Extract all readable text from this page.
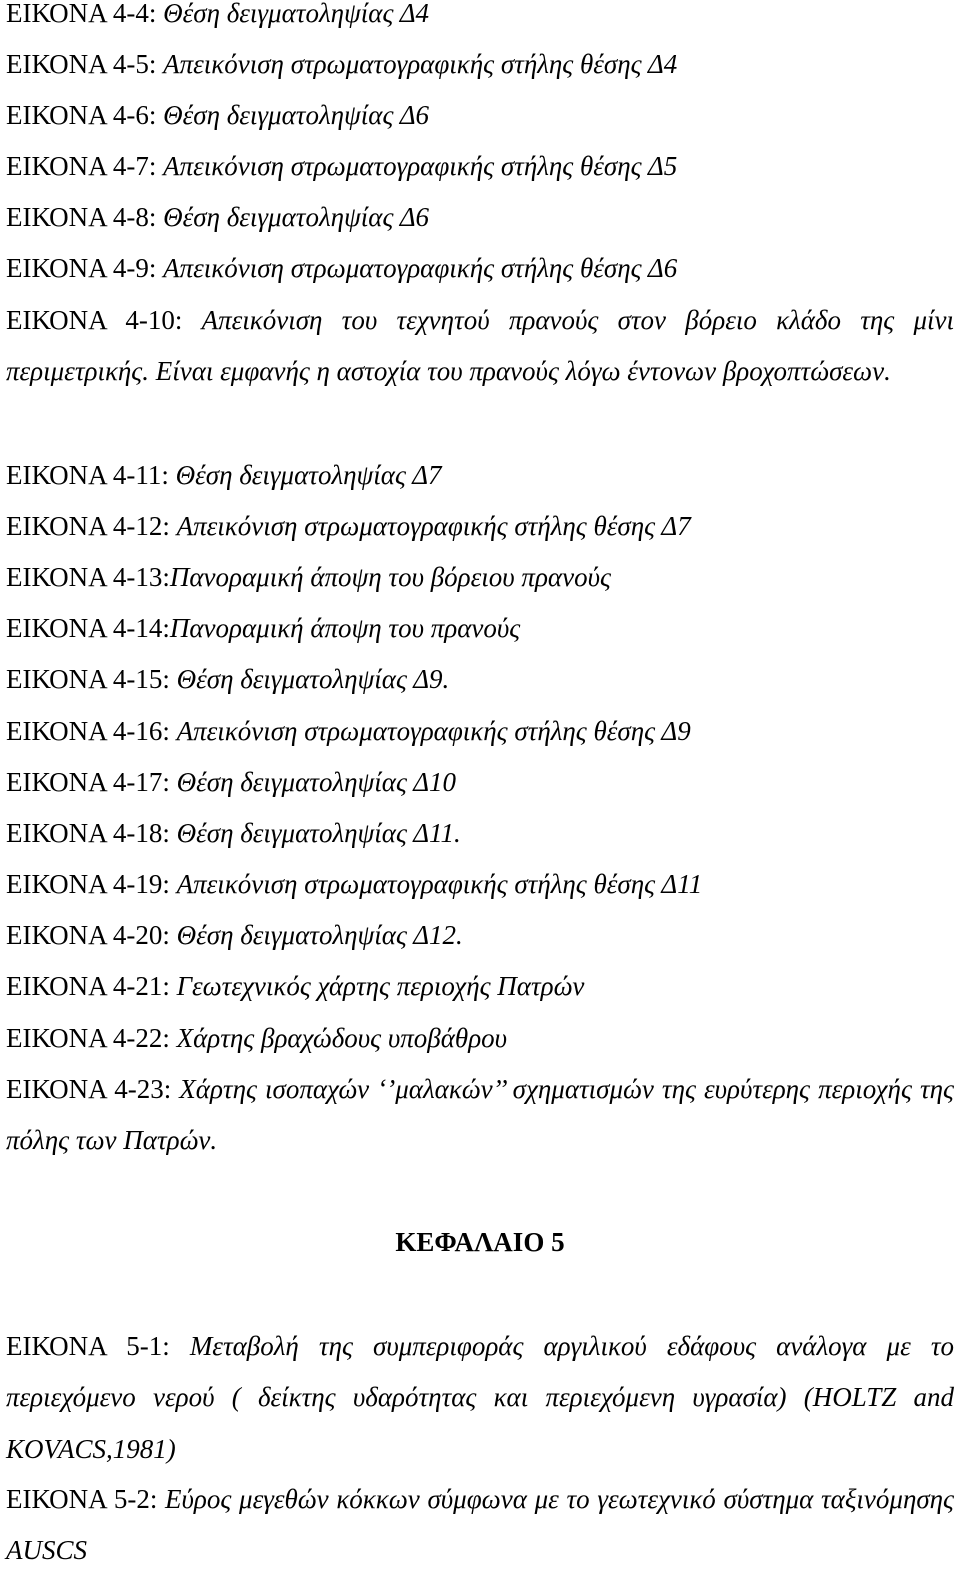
ΕΙΚΟΝΑ 4-4: Θέση δειγματοληψίας Δ4
ΕΙΚΟΝΑ 4-5: Απεικόνιση στρωματογραφικής στήλης θέσης Δ4
ΕΙΚΟΝΑ 4-6: Θέση δειγματοληψίας Δ6
ΕΙΚΟΝΑ 4-7: Απεικόνιση στρωματογραφικής στήλης θέσης Δ5
ΕΙΚΟΝΑ 4-8: Θέση δειγματοληψίας Δ6
ΕΙΚΟΝΑ 4-9: Απεικόνιση στρωματογραφικής στήλης θέσης Δ6
ΕΙΚΟΝΑ 4-10: Απεικόνιση του τεχνητού πρανούς στον βόρειο κλάδο της μίνι περιμετρικής. Είναι εμφανής η αστοχία του πρανούς λόγω έντονων βροχοπτώσεων.
ΕΙΚΟΝΑ 4-11: Θέση δειγματοληψίας Δ7
ΕΙΚΟΝΑ 4-12: Απεικόνιση στρωματογραφικής στήλης θέσης Δ7
ΕΙΚΟΝΑ 4-13:Πανοραμική άποψη του βόρειου πρανούς
ΕΙΚΟΝΑ 4-14:Πανοραμική άποψη του πρανούς
ΕΙΚΟΝΑ 4-15: Θέση δειγματοληψίας Δ9.
ΕΙΚΟΝΑ 4-16: Απεικόνιση στρωματογραφικής στήλης θέσης Δ9
ΕΙΚΟΝΑ 4-17: Θέση δειγματοληψίας Δ10
ΕΙΚΟΝΑ 4-18: Θέση δειγματοληψίας Δ11.
ΕΙΚΟΝΑ 4-19: Απεικόνιση στρωματογραφικής στήλης θέσης Δ11
ΕΙΚΟΝΑ 4-20: Θέση δειγματοληψίας Δ12.
ΕΙΚΟΝΑ 4-21: Γεωτεχνικός χάρτης περιοχής Πατρών
ΕΙΚΟΝΑ 4-22: Χάρτης βραχώδους υποβάθρου
ΕΙΚΟΝΑ 4-23: Χάρτης ισοπαχών ‘’μαλακών’’ σχηματισμών της ευρύτερης περιοχής της πόλης των Πατρών.
ΚΕΦΑΛΑΙΟ 5
ΕΙΚΟΝΑ 5-1: Μεταβολή της συμπεριφοράς αργιλικού εδάφους ανάλογα με το περιεχόμενο νερού ( δείκτης υδαρότητας και περιεχόμενη υγρασία) (HOLTZ and KOVACS,1981)
ΕΙΚΟΝΑ 5-2: Εύρος μεγεθών κόκκων σύμφωνα με το γεωτεχνικό σύστημα ταξινόμησης AUSCS
